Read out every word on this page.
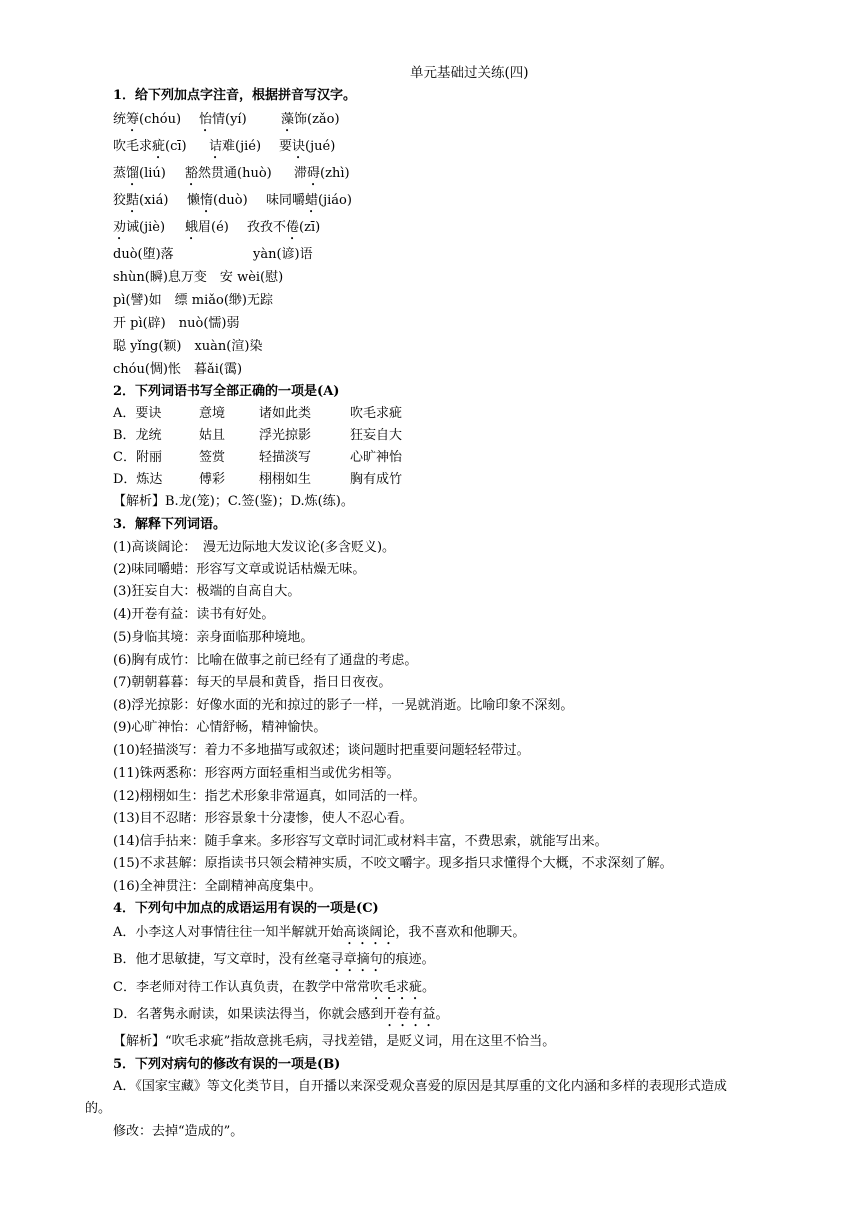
单元基础过关练(四)
1．给下列加点字注音，根据拼音写汉字。
统筹(chóu) 怡情(yí)	藻饰(zǎo)
吹毛求疵(cī) 诘难(jié) 要诀(jué)
蒸馏(liú) 豁然贯通(huò) 滞碍(zhì)
狡黠(xiá) 懒惰(duò) 味同嚼蜡(jiáo)
劝诫(jiè) 蛾眉(é) 孜孜不倦(zī)
duò(堕)落	yàn(谚)语
shùn(瞬)息万变　安 wèi(慰)
pì(譬)如　缥 miǎo(缈)无踪
开 pì(辟)　nuò(懦)弱
聪 yǐng(颖)　xuàn(渲)染
chóu(惆)怅　暮ǎi(霭)
2．下列词语书写全部正确的一项是(A)
A．要诀	意境	诸如此类	吹毛求疵
B．龙统	姑且	浮光掠影	狂妄自大
C．附丽	签赏	轻描淡写	心旷神怡
D．炼达	傅彩	栩栩如生	胸有成竹
【解析】B.龙(笼)；C.签(鉴)；D.炼(练)。
3．解释下列词语。
(1)高谈阔论：　漫无边际地大发议论(多含贬义)。
(2)味同嚼蜡：形容写文章或说话枯燥无味。
(3)狂妄自大：极端的自高自大。
(4)开卷有益：读书有好处。
(5)身临其境：亲身面临那种境地。
(6)胸有成竹：比喻在做事之前已经有了通盘的考虑。
(7)朝朝暮暮：每天的早晨和黄昏，指日日夜夜。
(8)浮光掠影：好像水面的光和掠过的影子一样，一晃就消逝。比喻印象不深刻。
(9)心旷神怡：心情舒畅，精神愉快。
(10)轻描淡写：着力不多地描写或叙述；谈问题时把重要问题轻轻带过。
(11)铢两悉称：形容两方面轻重相当或优劣相等。
(12)栩栩如生：指艺术形象非常逼真，如同活的一样。
(13)目不忍睹：形容景象十分凄惨，使人不忍心看。
(14)信手拈来：随手拿来。多形容写文章时词汇或材料丰富，不费思索，就能写出来。
(15)不求甚解：原指读书只领会精神实质，不咬文嚼字。现多指只求懂得个大概，不求深刻了解。
(16)全神贯注：全副精神高度集中。
4．下列句中加点的成语运用有误的一项是(C)
A．小李这人对事情往往一知半解就开始高谈阔论，我不喜欢和他聊天。
B．他才思敏捷，写文章时，没有丝毫寻章摘句的痕迹。
C．李老师对待工作认真负责，在教学中常常吹毛求疵。
D．名著隽永耐读，如果读法得当，你就会感到开卷有益。
【解析】“吹毛求疵”指故意挑毛病，寻找差错，是贬义词，用在这里不恰当。
5．下列对病句的修改有误的一项是(B)
A．《国家宝藏》等文化类节目，自开播以来深受观众喜爱的原因是其厚重的文化内涵和多样的表现形式造成
的。
修改：去掉“造成的”。
